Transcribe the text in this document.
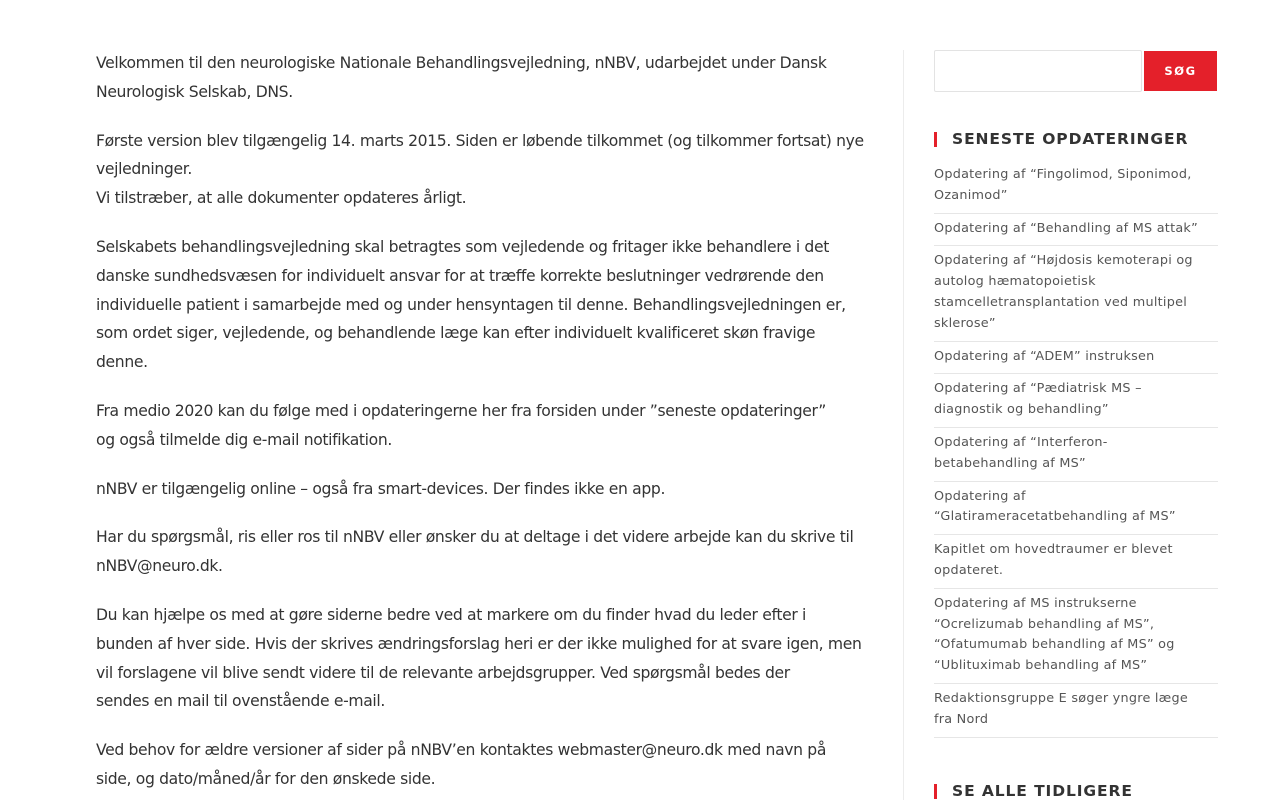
Velkommen til den neurologiske Nationale Behandlingsvejledning, nNBV, udarbejdet under Dansk
Neurologisk Selskab, DNS.

Første version blev tilgængelig 14. marts 2015. Siden er løbende tilkommet (og tilkommer fortsat) nye
vejledninger.
Vi tilstræber, at alle dokumenter opdateres årligt.

Selskabets behandlingsvejledning skal betragtes som vejledende og fritager ikke behandlere i det
danske sundhedsvæsen for individuelt ansvar for at træffe korrekte beslutninger vedrørende den
individuelle patient i samarbejde med og under hensyntagen til denne. Behandlingsvejledningen er,
som ordet siger, vejledende, og behandlende læge kan efter individuelt kvalificeret skøn fravige
denne.

Fra medio 2020 kan du følge med i opdateringerne her fra forsiden under ”seneste opdateringer”
og også tilmelde dig e-mail notifikation.

nNBV er tilgængelig online – også fra smart-devices. Der findes ikke en app.

Har du spørgsmål, ris eller ros til nNBV eller ønsker du at deltage i det videre arbejde kan du skrive til
nNBV@neuro.dk.

Du kan hjælpe os med at gøre siderne bedre ved at markere om du finder hvad du leder efter i
bunden af hver side. Hvis der skrives ændringsforslag heri er der ikke mulighed for at svare igen, men
vil forslagene vil blive sendt videre til de relevante arbejdsgrupper. Ved spørgsmål bedes der
sendes en mail til ovenstående e-mail.

Ved behov for ældre versioner af sider på nNBV’en kontaktes webmaster@neuro.dk med navn på
side, og dato/måned/år for den ønskede side.

SØG
SENESTE OPDATERINGER
Opdatering af “Fingolimod, Siponimod,
Ozanimod”
Opdatering af “Behandling af MS attak”
Opdatering af “Højdosis kemoterapi og
autolog hæmatopoietisk
stamcelletransplantation ved multipel
sklerose”
Opdatering af “ADEM” instruksen
Opdatering af “Pædiatrisk MS –
diagnostik og behandling”
Opdatering af “Interferon-
betabehandling af MS”
Opdatering af
“Glatirameracetatbehandling af MS”
Kapitlet om hovedtraumer er blevet
opdateret.
Opdatering af MS instrukserne
“Ocrelizumab behandling af MS”,
“Ofatumumab behandling af MS” og
“Ublituximab behandling af MS”
Redaktionsgruppe E søger yngre læge
fra Nord
SE ALLE TIDLIGERE
